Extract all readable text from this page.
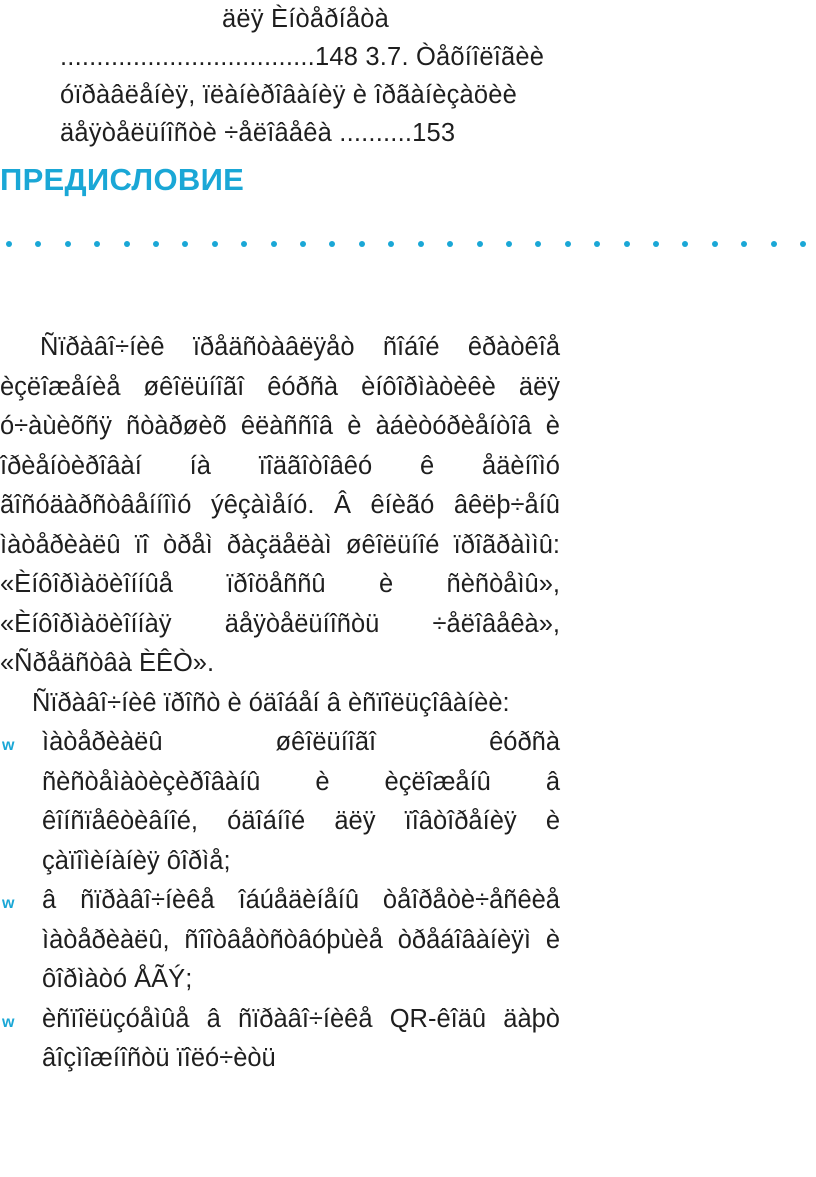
äëÿ Èíòåðíåòà
...................................148 3.7. Òåõíîëîãèè
óïðàâëåíèÿ, ïëàíèðîâàíèÿ è îðãàíèçàöèè
äåÿòåëüíîñòè ÷åëîâåêà ..........153
ПРЕДИСЛОВИЕ

Ñïðàâî÷íèê ïðåäñòàâëÿåò ñîáîé êðàòêîå èçëîæåíèå øêîëüíîãî êóðñà èíôîðìàòèêè äëÿ ó÷àùèõñÿ ñòàðøèõ êëàññîâ è àáèòóðèåíòîâ è îðèåíòèðîâàí íà ïîäãîòîâêó ê åäèíîìó ãîñóäàðñòâåííîìó ýêçàìåíó. Â êíèãó âêëþ÷åíû ìàòåðèàëû ïî òðåì ðàçäåëàì øêîëüíîé ïðîãðàììû: «Èíôîðìàöèîííûå ïðîöåññû è ñèñòåìû», «Èíôîðìàöèîííàÿ äåÿòåëüíîñòü ÷åëîâåêà», «Ñðåäñòâà ÈÊÒ».

Ñïðàâî÷íèê ïðîñò è óäîáåí â èñïîëüçîâàíèè:

w ìàòåðèàëû øêîëüíîãî êóðñà ñèñòåìàòèçèðîâàíû è èçëîæåíû â êîíñïåêòèâíîé, óäîáíîé äëÿ ïîâòîðåíèÿ è çàïîìèíàíèÿ ôîðìå;
w â ñïðàâî÷íèêå îáúåäèíåíû òåîðåòè÷åñêèå ìàòåðèàëû, ñîîòâåòñòâóþùèå òðåáîâàíèÿì è ôîðìàòó ÅÃÝ;
w èñïîëüçóåìûå â ñïðàâî÷íèêå QR-êîäû äàþò âîçìîæíîñòü ïîëó÷èòü
